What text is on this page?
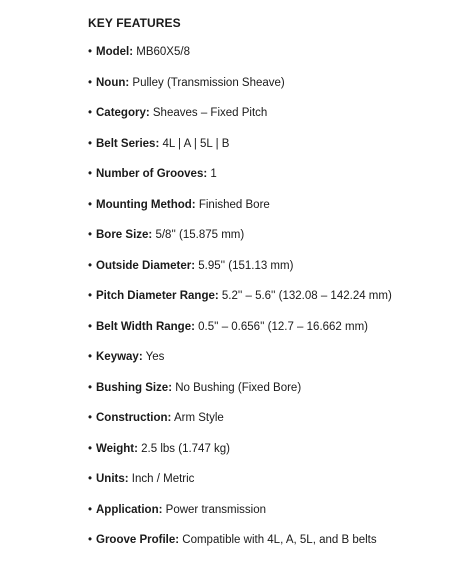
KEY FEATURES
• Model: MB60X5/8
• Noun: Pulley (Transmission Sheave)
• Category: Sheaves – Fixed Pitch
• Belt Series: 4L | A | 5L | B
• Number of Grooves: 1
• Mounting Method: Finished Bore
• Bore Size: 5/8'' (15.875 mm)
• Outside Diameter: 5.95'' (151.13 mm)
• Pitch Diameter Range: 5.2'' – 5.6'' (132.08 – 142.24 mm)
• Belt Width Range: 0.5'' – 0.656'' (12.7 – 16.662 mm)
• Keyway: Yes
• Bushing Size: No Bushing (Fixed Bore)
• Construction: Arm Style
• Weight: 2.5 lbs (1.747 kg)
• Units: Inch / Metric
• Application: Power transmission
• Groove Profile: Compatible with 4L, A, 5L, and B belts
